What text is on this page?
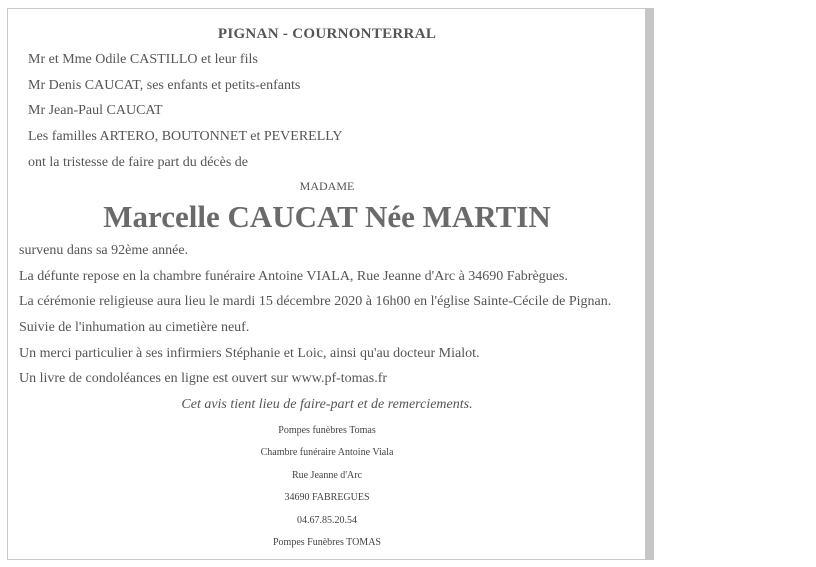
PIGNAN - COURNONTERRAL
Mr et Mme Odile CASTILLO et leur fils
Mr Denis CAUCAT, ses enfants et petits-enfants
Mr Jean-Paul CAUCAT
Les familles ARTERO, BOUTONNET et PEVERELLY
ont la tristesse de faire part du décès de
MADAME
Marcelle CAUCAT Née MARTIN
survenu dans sa 92ème année.
La défunte repose en la chambre funéraire Antoine VIALA, Rue Jeanne d'Arc à 34690 Fabrègues.
La cérémonie religieuse aura lieu le mardi 15 décembre 2020 à 16h00 en l'église Sainte-Cécile de Pignan.
Suivie de l'inhumation au cimetière neuf.
Un merci particulier à ses infirmiers Stéphanie et Loic, ainsi qu'au docteur Mialot.
Un livre de condoléances en ligne est ouvert sur www.pf-tomas.fr
Cet avis tient lieu de faire-part et de remerciements.
Pompes funèbres Tomas
Chambre funéraire Antoine Viala
Rue Jeanne d'Arc
34690 FABREGUES
04.67.85.20.54
Pompes Funèbres TOMAS
